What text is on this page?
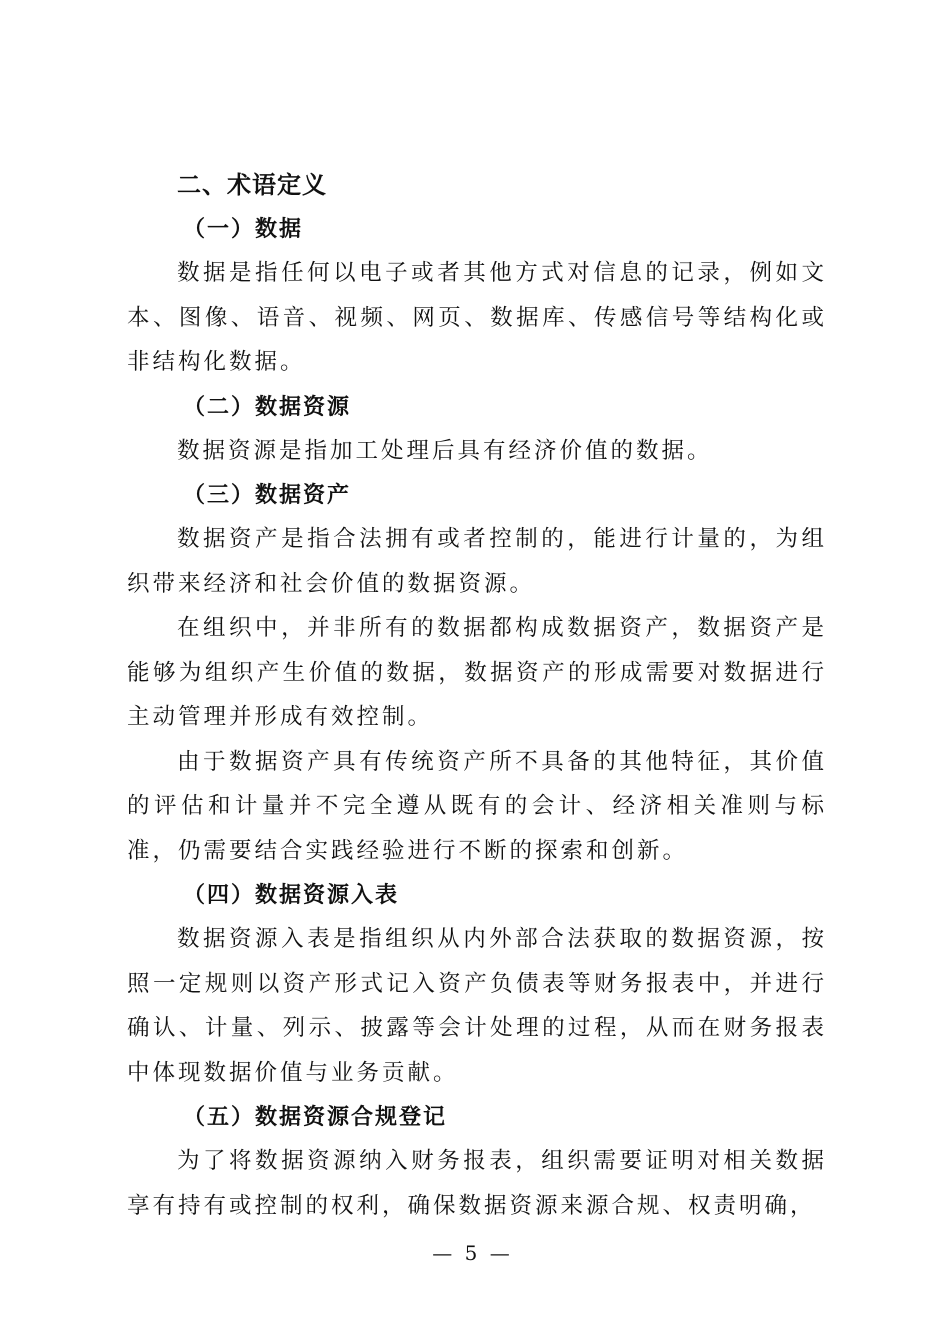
二、术语定义
（一）数据

数据是指任何以电子或者其他方式对信息的记录，例如文本、图像、语音、视频、网页、数据库、传感信号等结构化或非结构化数据。

（二）数据资源

数据资源是指加工处理后具有经济价值的数据。

（三）数据资产

数据资产是指合法拥有或者控制的，能进行计量的，为组织带来经济和社会价值的数据资源。

在组织中，并非所有的数据都构成数据资产，数据资产是能够为组织产生价值的数据，数据资产的形成需要对数据进行主动管理并形成有效控制。

由于数据资产具有传统资产所不具备的其他特征，其价值的评估和计量并不完全遵从既有的会计、经济相关准则与标准，仍需要结合实践经验进行不断的探索和创新。

（四）数据资源入表

数据资源入表是指组织从内外部合法获取的数据资源，按照一定规则以资产形式记入资产负债表等财务报表中，并进行确认、计量、列示、披露等会计处理的过程，从而在财务报表中体现数据价值与业务贡献。

（五）数据资源合规登记

为了将数据资源纳入财务报表，组织需要证明对相关数据享有持有或控制的权利，确保数据资源来源合规、权责明确，

— 5 —
